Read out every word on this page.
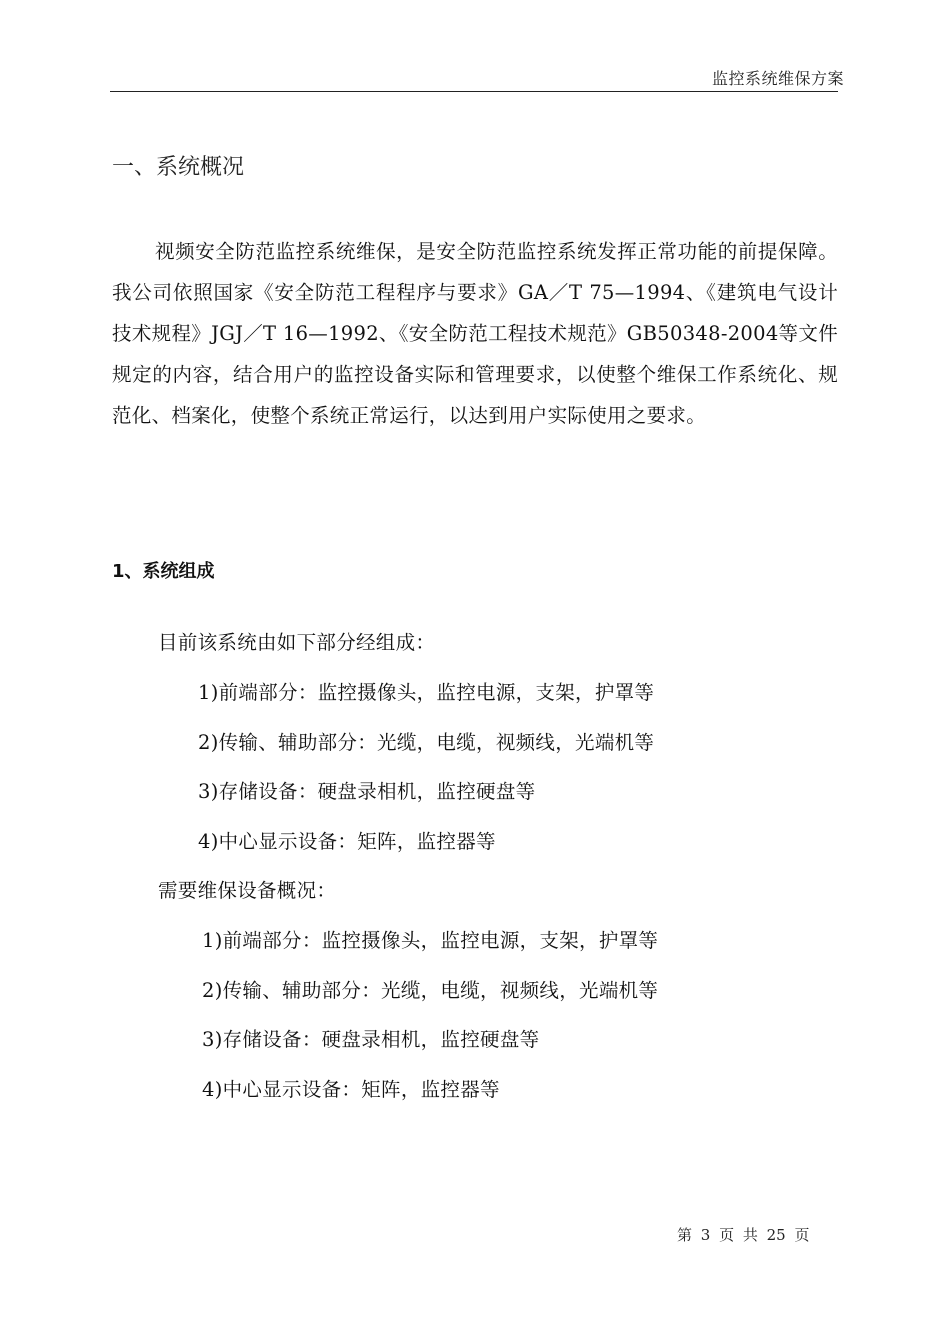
监控系统维保方案
一、系统概况

视频安全防范监控系统维保，是安全防范监控系统发挥正常功能的前提保障。我公司依照国家《安全防范工程程序与要求》GA／T 75—1994、《建筑电气设计技术规程》JGJ／T 16—1992、《安全防范工程技术规范》GB50348-2004等文件规定的内容，结合用户的监控设备实际和管理要求，以使整个维保工作系统化、规范化、档案化，使整个系统正常运行，以达到用户实际使用之要求。

1、系统组成
目前该系统由如下部分经组成：
1)前端部分：监控摄像头，监控电源，支架，护罩等
2)传输、辅助部分：光缆，电缆，视频线，光端机等
3)存储设备：硬盘录相机，监控硬盘等
4)中心显示设备：矩阵，监控器等
需要维保设备概况：
1)前端部分：监控摄像头，监控电源，支架，护罩等
2)传输、辅助部分：光缆，电缆，视频线，光端机等
3)存储设备：硬盘录相机，监控硬盘等
4)中心显示设备：矩阵，监控器等
第 3 页 共 25 页
